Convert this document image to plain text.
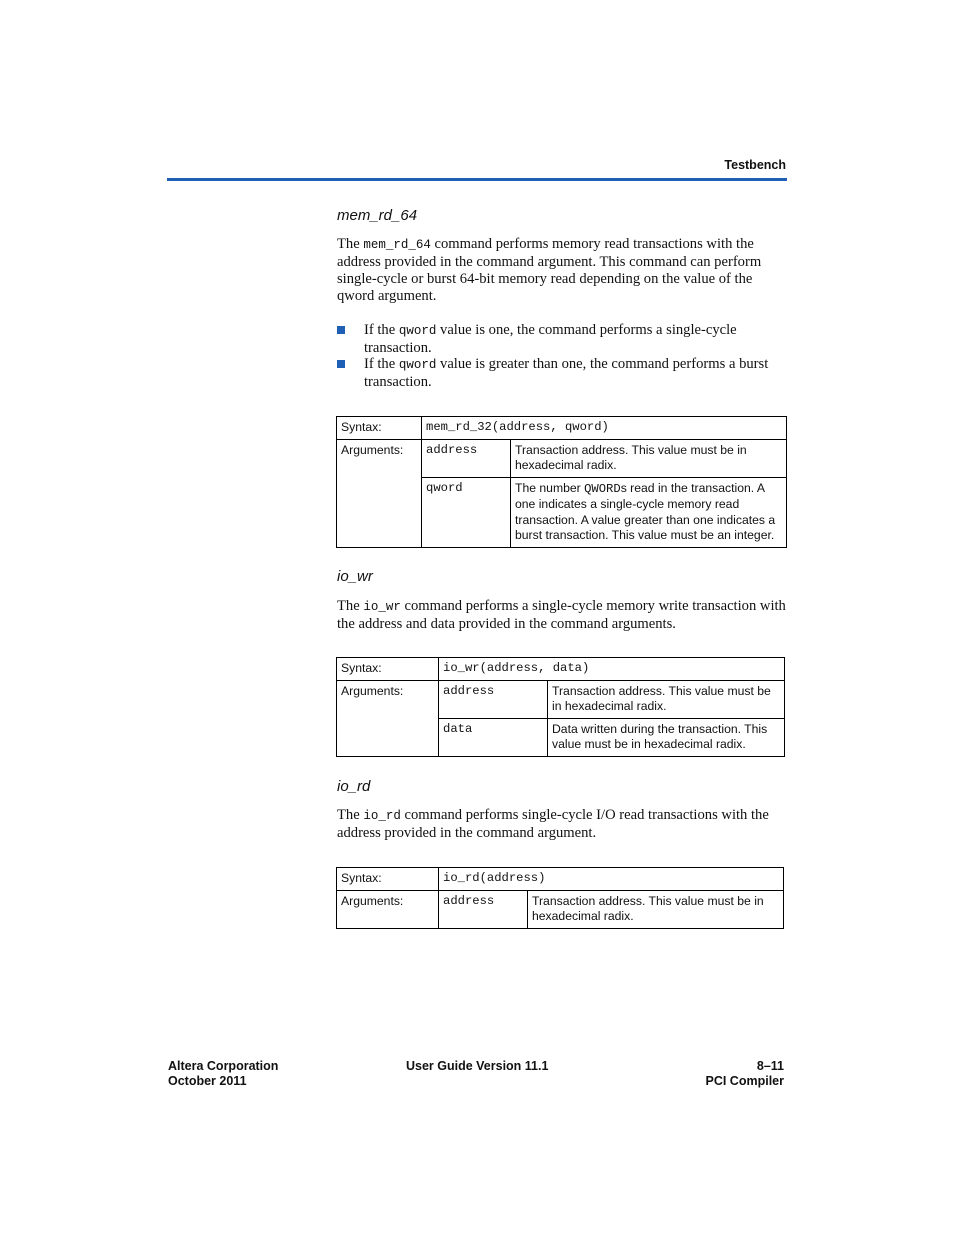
Testbench
mem_rd_64
The mem_rd_64 command performs memory read transactions with the address provided in the command argument. This command can perform single-cycle or burst 64-bit memory read depending on the value of the qword argument.
If the qword value is one, the command performs a single-cycle transaction.
If the qword value is greater than one, the command performs a burst transaction.
Syntax:	mem_rd_32(address, qword)	
Arguments:	address	Transaction address. This value must be in hexadecimal radix.
	qword	The number QWORDs read in the transaction. A one indicates a single-cycle memory read transaction. A value greater than one indicates a burst transaction. This value must be an integer.
io_wr
The io_wr command performs a single-cycle memory write transaction with the address and data provided in the command arguments.
Syntax:	io_wr(address, data)	
Arguments:	address	Transaction address. This value must be in hexadecimal radix.
	data	Data written during the transaction. This value must be in hexadecimal radix.
io_rd
The io_rd command performs single-cycle I/O read transactions with the address provided in the command argument.
Syntax:	io_rd(address)	
Arguments:	address	Transaction address. This value must be in hexadecimal radix.
Altera Corporation
October 2011
User Guide Version 11.1	8–11
PCI Compiler
